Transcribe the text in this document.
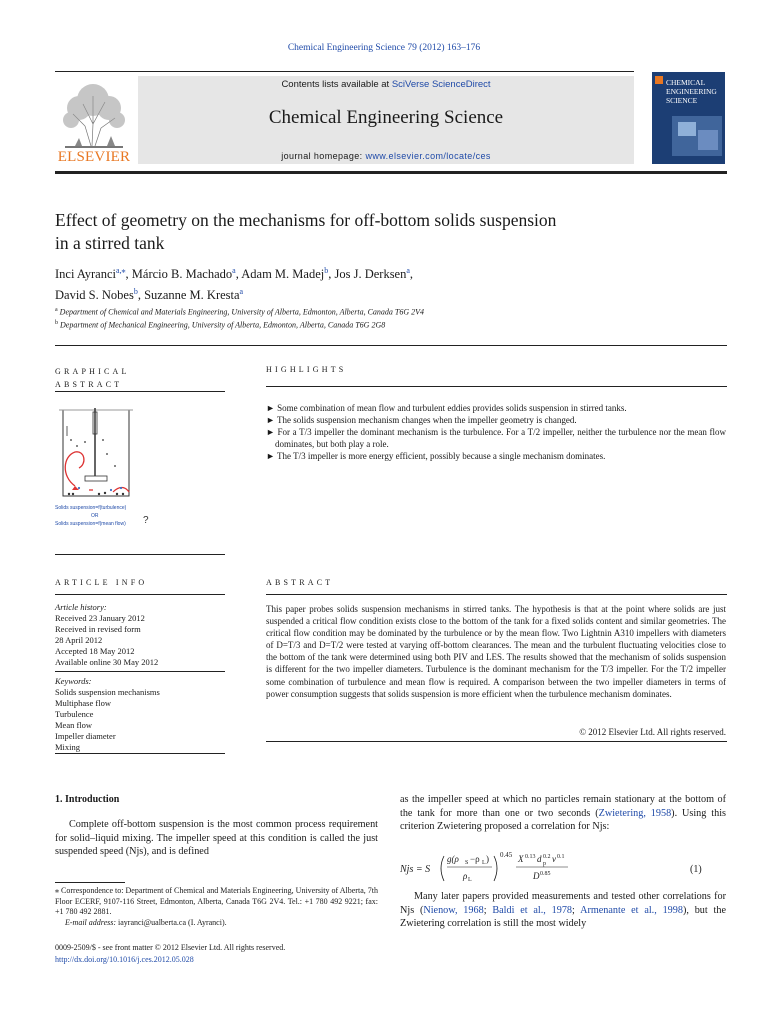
Chemical Engineering Science 79 (2012) 163–176
ELSEVIER
Contents lists available at SciVerse ScienceDirect
Chemical Engineering Science
journal homepage: www.elsevier.com/locate/ces
CHEMICAL
ENGINEERING
SCIENCE
Effect of geometry on the mechanisms for off-bottom solids suspension
in a stirred tank
Inci Ayranci$^{a,⁎}$, Márcio B. Machado$^a$, Adam M. Madej$^b$, Jos J. Derksen$^a$,
David S. Nobes$^b$, Suzanne M. Kresta$^a$
$^a$ Department of Chemical and Materials Engineering, University of Alberta, Edmonton, Alberta, Canada T6G 2V4
$^b$ Department of Mechanical Engineering, University of Alberta, Edmonton, Alberta, Canada T6G 2G8
GRAPHICAL
ABSTRACT
Solids suspension=f(turbulence)
OR
Solids suspension=f(mean flow) ?
HIGHLIGHTS
► Some combination of mean flow and turbulent eddies provides solids suspension in stirred tanks.
► The solids suspension mechanism changes when the impeller geometry is changed.
► For a T/3 impeller the dominant mechanism is the turbulence. For a T/2 impeller, neither the turbulence nor the mean flow dominates, but both play a role.
► The T/3 impeller is more energy efficient, possibly because a single mechanism dominates.
ARTICLE INFO
Article history:
Received 23 January 2012
Received in revised form
28 April 2012
Accepted 18 May 2012
Available online 30 May 2012
Keywords:
Solids suspension mechanisms
Multiphase flow
Turbulence
Mean flow
Impeller diameter
Mixing
ABSTRACT
This paper probes solids suspension mechanisms in stirred tanks. The hypothesis is that at the point where solids are just suspended a critical flow condition exists close to the bottom of the tank for a fixed solids content and similar geometries. The critical flow condition may be dominated by the turbulence or by the mean flow. Two Lightnin A310 impellers with diameters of D=T/3 and D=T/2 were tested at varying off-bottom clearances. The mean and the turbulent fluctuating velocities close to the bottom of the tank were determined using both PIV and LES. The results showed that the mechanism of solids suspension is different for the two impeller diameters. Turbulence is the dominant mechanism for the T/3 impeller. For the T/2 impeller some combination of turbulence and mean flow is required. A comparison between the two impeller diameters in terms of power consumption suggests that solids suspension is more efficient when the turbulence mechanism dominates.
© 2012 Elsevier Ltd. All rights reserved.
1. Introduction
Complete off-bottom suspension is the most common process requirement for solid–liquid mixing. The impeller speed at this condition is called the just suspended speed (Njs), and is defined
as the impeller speed at which no particles remain stationary at the bottom of the tank for more than one or two seconds (Zwietering, 1958). Using this criterion Zwietering proposed a correlation for Njs:
Njs = S
g(ρ S −ρ L )
ρ L
0.45 X 0.13 d 0.2
p ν 0.1
D 0.85	(1)
Many later papers provided measurements and tested other correlations for Njs (Nienow, 1968; Baldi et al., 1978; Armenante et al., 1998), but the Zwietering correlation is still the most widely
⁎ Correspondence to: Department of Chemical and Materials Engineering, University of Alberta, 7th Floor ECERF, 9107-116 Street, Edmonton, Alberta, Canada T6G 2V4. Tel.: +1 780 492 9221; fax: +1 780 492 2881.
E-mail address: iayranci@ualberta.ca (I. Ayranci).
0009-2509/$ - see front matter © 2012 Elsevier Ltd. All rights reserved.
http://dx.doi.org/10.1016/j.ces.2012.05.028
